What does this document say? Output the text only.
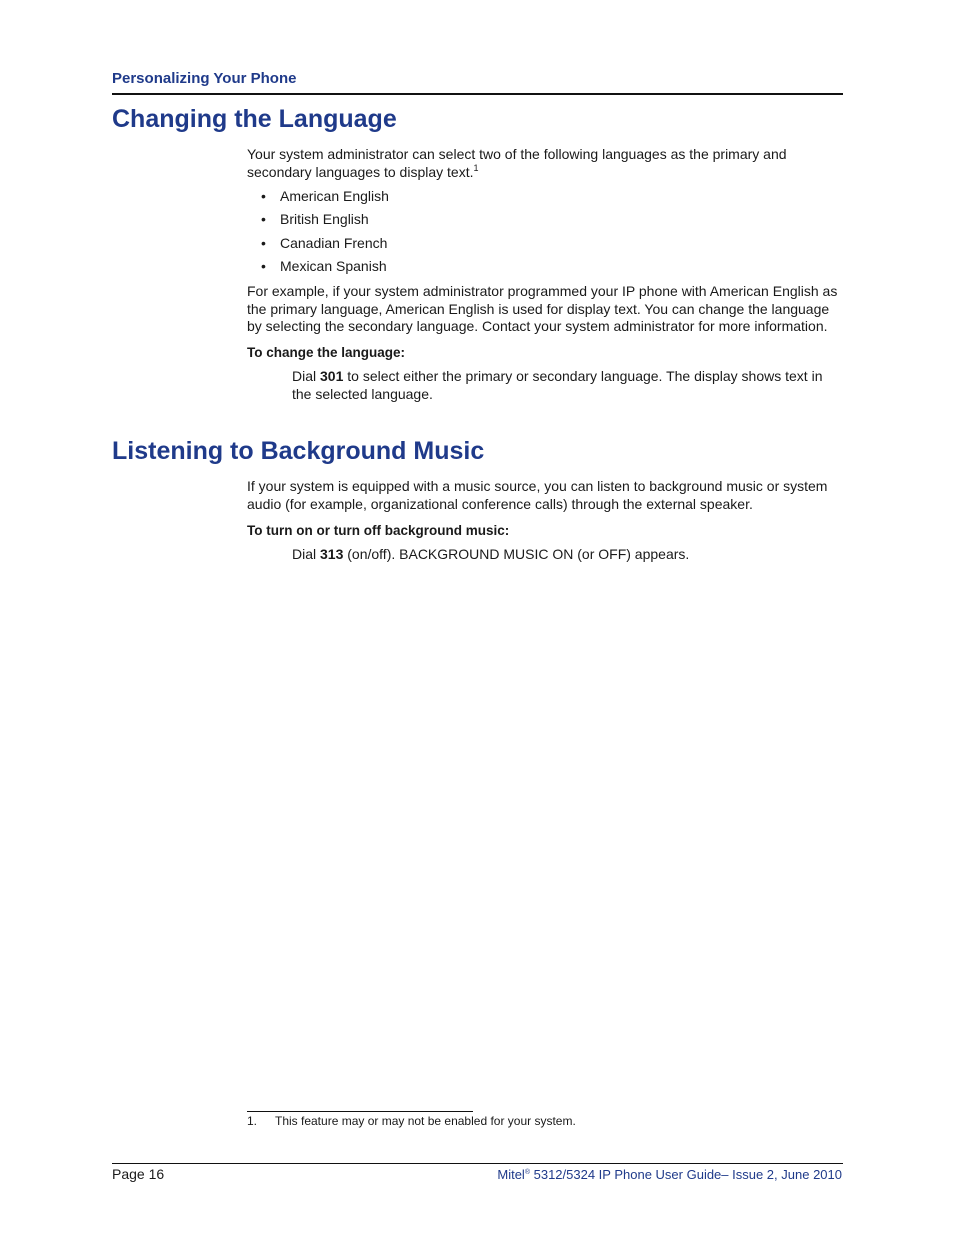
Personalizing Your Phone
Changing the Language

Your system administrator can select two of the following languages as the primary and secondary languages to display text.$^1$

• American English
• British English
• Canadian French
• Mexican Spanish

For example, if your system administrator programmed your IP phone with American English as the primary language, American English is used for display text. You can change the language by selecting the secondary language. Contact your system administrator for more information.

To change the language:

Dial 301 to select either the primary or secondary language. The display shows text in the selected language.

Listening to Background Music

If your system is equipped with a music source, you can listen to background music or system audio (for example, organizational conference calls) through the external speaker.

To turn on or turn off background music:

Dial 313 (on/off). BACKGROUND MUSIC ON (or OFF) appears.

1. This feature may or may not be enabled for your system.
Page 16	Mitel® 5312/5324 IP Phone User Guide– Issue 2, June 2010
